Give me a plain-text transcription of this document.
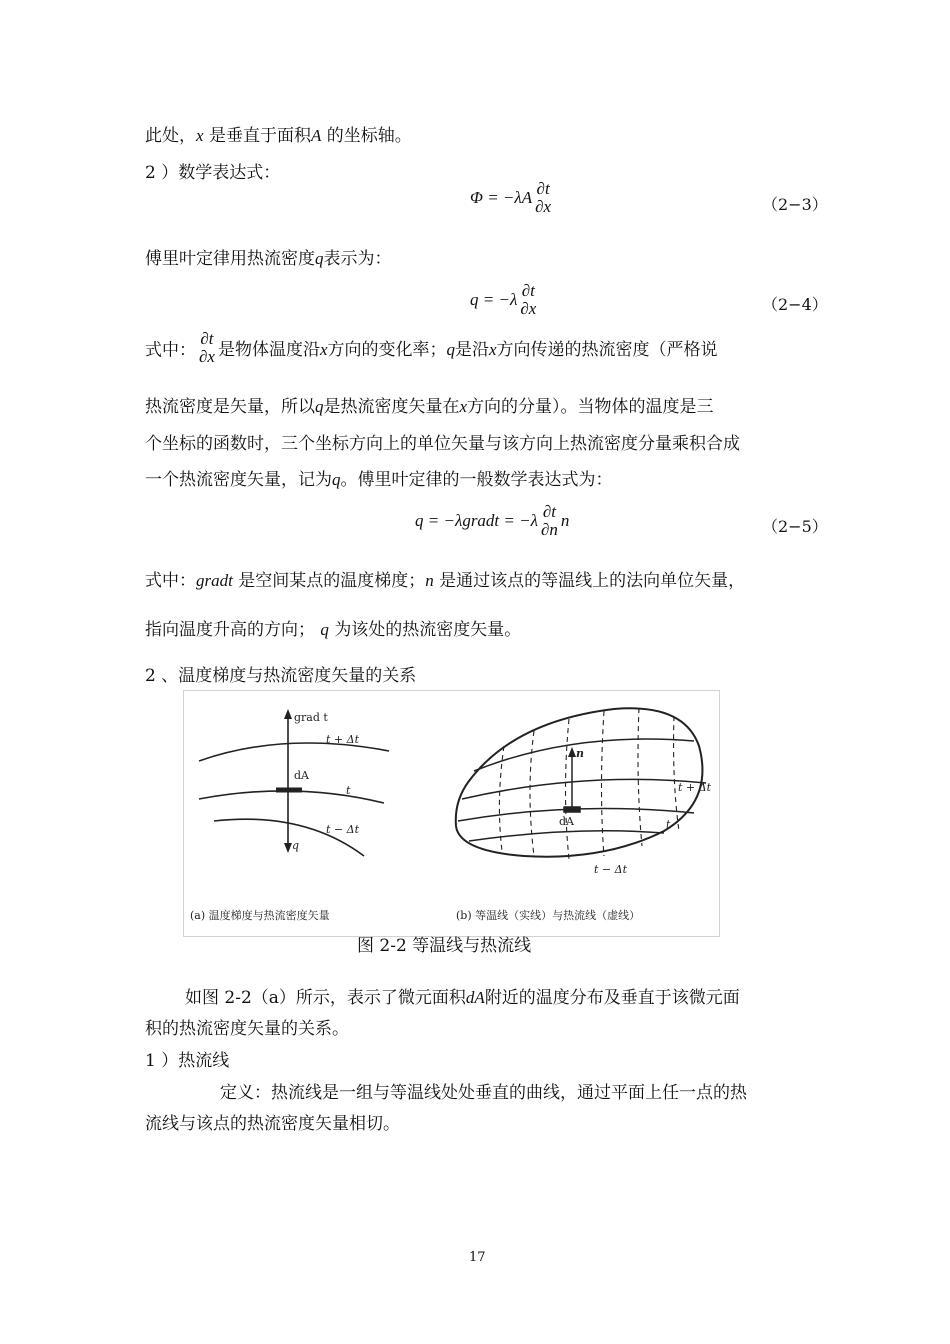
此处，x 是垂直于面积A 的坐标轴。
2 ）数学表达式：
Φ = −λA ∂t
∂x	（2−3）
傅里叶定律用热流密度q表示为：
q = −λ ∂t
∂x	（2−4）
式中：
∂t
∂x 是物体温度沿x方向的变化率；q是沿x方向传递的热流密度（严格说
热流密度是矢量，所以q是热流密度矢量在x方向的分量）。当物体的温度是三
个坐标的函数时，三个坐标方向上的单位矢量与该方向上热流密度分量乘积合成
一个热流密度矢量，记为q。傅里叶定律的一般数学表达式为：
q = −λgradt = −λ ∂t
∂n n	（2−5）
式中：gradt 是空间某点的温度梯度；n 是通过该点的等温线上的法向单位矢量，
指向温度升高的方向； q 为该处的热流密度矢量。
2 、温度梯度与热流密度矢量的关系
grad t
t + Δt
dA
t
t − Δt
q
(a) 温度梯度与热流密度矢量
n
dA
t + Δt
t
t − Δt
(b) 等温线（实线）与热流线（虚线）
图 2-2 等温线与热流线
如图 2-2（a）所示，表示了微元面积dA附近的温度分布及垂直于该微元面
积的热流密度矢量的关系。
1 ）热流线
定义：热流线是一组与等温线处处垂直的曲线，通过平面上任一点的热
流线与该点的热流密度矢量相切。
17
